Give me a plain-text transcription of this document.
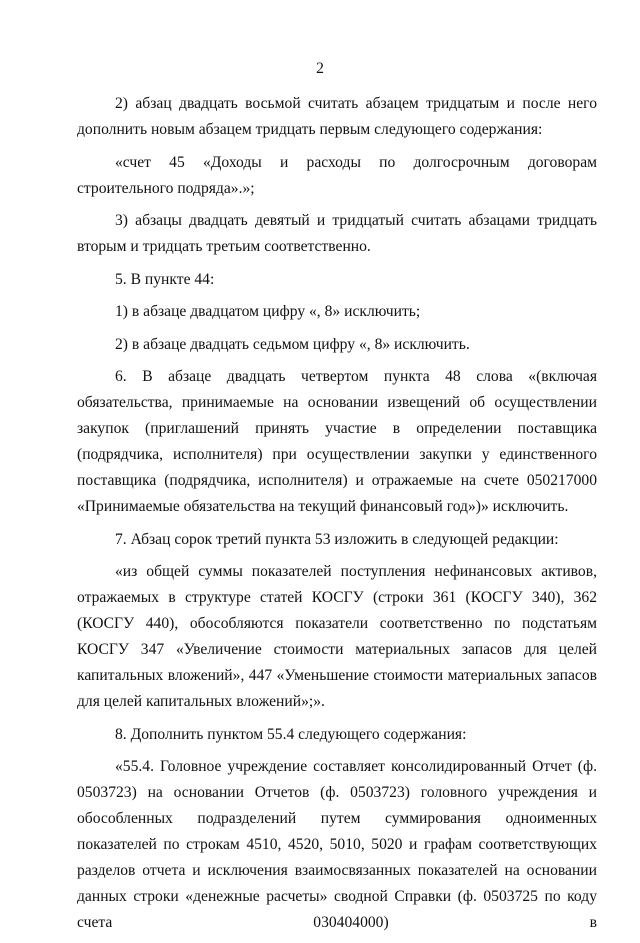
2

2) абзац двадцать восьмой считать абзацем тридцатым и после него дополнить новым абзацем тридцать первым следующего содержания:

«счет 45 «Доходы и расходы по долгосрочным договорам строительного подряда».»;

3) абзацы двадцать девятый и тридцатый считать абзацами тридцать вторым и тридцать третьим соответственно.

5. В пункте 44:

1) в абзаце двадцатом цифру «, 8» исключить;

2) в абзаце двадцать седьмом цифру «, 8» исключить.

6. В абзаце двадцать четвертом пункта 48 слова «(включая обязательства, принимаемые на основании извещений об осуществлении закупок (приглашений принять участие в определении поставщика (подрядчика, исполнителя) при осуществлении закупки у единственного поставщика (подрядчика, исполнителя) и отражаемые на счете 050217000 «Принимаемые обязательства на текущий финансовый год»)» исключить.

7. Абзац сорок третий пункта 53 изложить в следующей редакции:

«из общей суммы показателей поступления нефинансовых активов, отражаемых в структуре статей КОСГУ (строки 361 (КОСГУ 340), 362 (КОСГУ 440), обособляются показатели соответственно по подстатьям КОСГУ 347 «Увеличение стоимости материальных запасов для целей капитальных вложений», 447 «Уменьшение стоимости материальных запасов для целей капитальных вложений»;».

8. Дополнить пунктом 55.4 следующего содержания:

«55.4. Головное учреждение составляет консолидированный Отчет (ф. 0503723) на основании Отчетов (ф. 0503723) головного учреждения и обособленных подразделений путем суммирования одноименных показателей по строкам 4510, 4520, 5010, 5020 и графам соответствующих разделов отчета и исключения взаимосвязанных показателей на основании данных строки «денежные расчеты» сводной Справки (ф. 0503725 по коду счета 030404000) в
